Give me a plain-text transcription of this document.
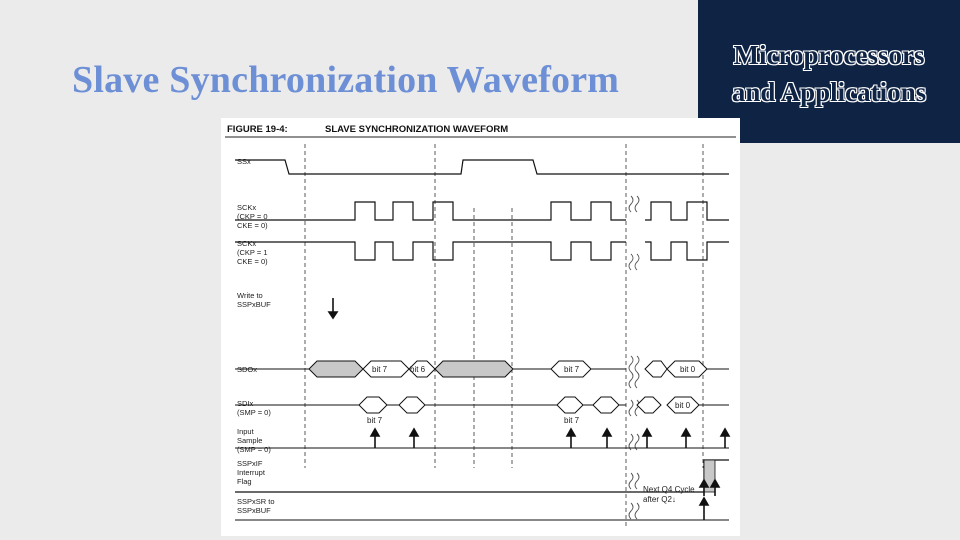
Slave Synchronization Waveform
Microprocessors
and Applications
FIGURE 19-4:	SLAVE SYNCHRONIZATION WAVEFORM
SSx
SCKx
(CKP = 0
CKE = 0)
SCKx
(CKP = 1
CKE = 0)
Write to
SSPxBUF
SDOx
SDIx
(SMP = 0)
Input
Sample
(SMP = 0)
SSPxIF
Interrupt
Flag
SSPxSR to
SSPxBUF
bit 7	bit 6	bit 7	bit 0
bit 0
bit 7	bit 7
Next Q4 Cycle
after Q2↓
